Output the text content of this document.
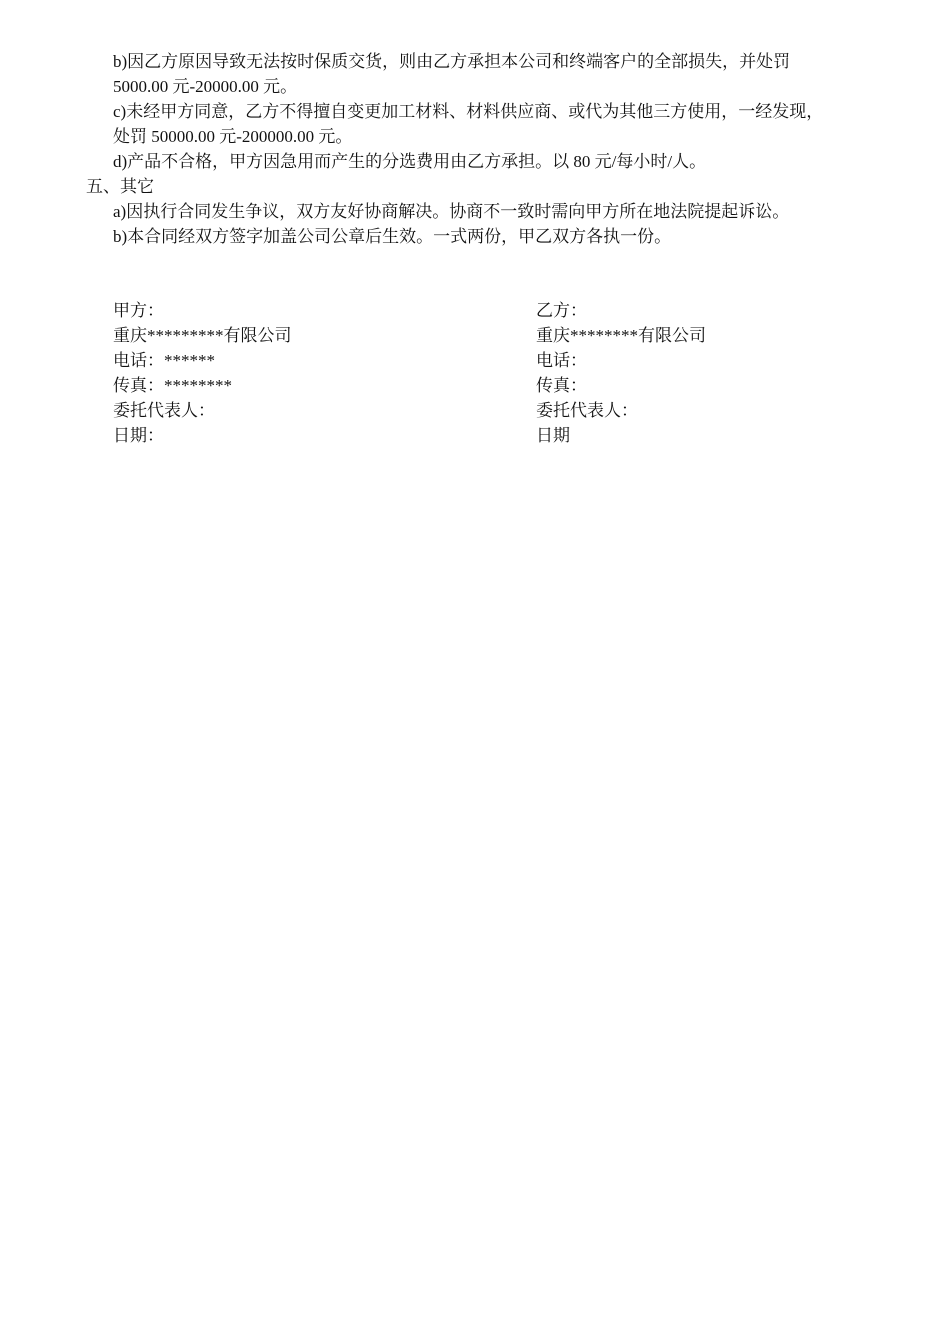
b)因乙方原因导致无法按时保质交货，则由乙方承担本公司和终端客户的全部损失，并处罚
5000.00 元-20000.00 元。
c)未经甲方同意，乙方不得擅自变更加工材料、材料供应商、或代为其他三方使用，一经发现，
处罚 50000.00 元-200000.00 元。
d)产品不合格，甲方因急用而产生的分选费用由乙方承担。以 80 元/每小时/人。
五、其它
a)因执行合同发生争议，双方友好协商解决。协商不一致时需向甲方所在地法院提起诉讼。
b)本合同经双方签字加盖公司公章后生效。一式两份，甲乙双方各执一份。
甲方：
重庆*********有限公司
电话：******
传真：********
委托代表人：
日期：
乙方：
重庆********有限公司
电话：
传真：
委托代表人：
日期
